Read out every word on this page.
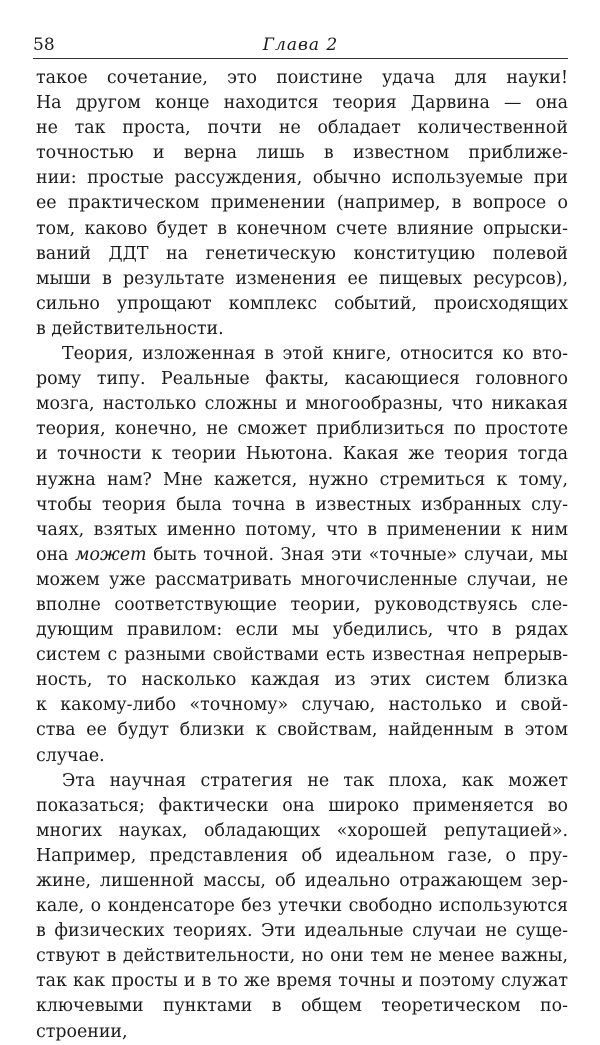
58	Глава 2
такое сочетание, это поистине удача для науки!
На другом конце находится теория Дарвина — она
не так проста, почти не обладает количественной
точностью и верна лишь в известном приближе-
нии: простые рассуждения, обычно используемые при
ее практическом применении (например, в вопросе о
том, каково будет в конечном счете влияние опрыски-
ваний ДДТ на генетическую конституцию полевой
мыши в результате изменения ее пищевых ресурсов),
сильно упрощают комплекс событий, происходящих
в действительности.
Теория, изложенная в этой книге, относится ко вто-
рому типу. Реальные факты, касающиеся головного
мозга, настолько сложны и многообразны, что никакая
теория, конечно, не сможет приблизиться по простоте
и точности к теории Ньютона. Какая же теория тогда
нужна нам? Мне кажется, нужно стремиться к тому,
чтобы теория была точна в известных избранных слу-
чаях, взятых именно потому, что в применении к ним
она может быть точной. Зная эти «точные» случаи, мы
можем уже рассматривать многочисленные случаи, не
вполне соответствующие теории, руководствуясь сле-
дующим правилом: если мы убедились, что в рядах
систем с разными свойствами есть известная непрерыв-
ность, то насколько каждая из этих систем близка
к какому-либо «точному» случаю, настолько и свой-
ства ее будут близки к свойствам, найденным в этом
случае.
Эта научная стратегия не так плоха, как может
показаться; фактически она широко применяется во
многих науках, обладающих «хорошей репутацией».
Например, представления об идеальном газе, о пру-
жине, лишенной массы, об идеально отражающем зер-
кале, о конденсаторе без утечки свободно используются
в физических теориях. Эти идеальные случаи не суще-
ствуют в действительности, но они тем не менее важны,
так как просты и в то же время точны и поэтому служат
ключевыми пунктами в общем теоретическом по-
строении,
